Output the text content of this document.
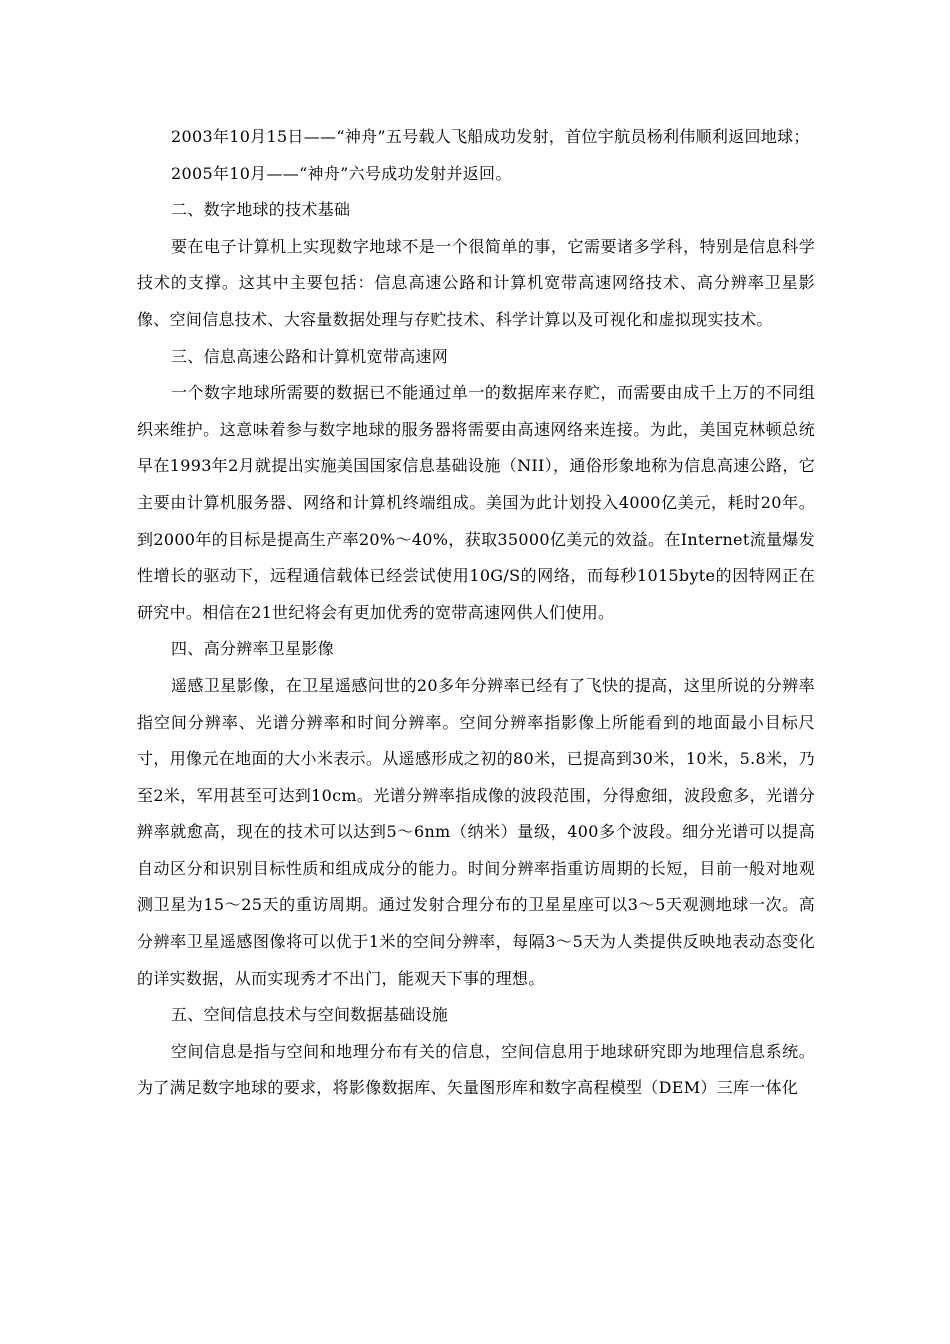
2003年10月15日——“神舟”五号载人飞船成功发射，首位宇航员杨利伟顺利返回地球；

2005年10月——“神舟”六号成功发射并返回。

二、数字地球的技术基础

要在电子计算机上实现数字地球不是一个很简单的事，它需要诸多学科，特别是信息科学技术的支撑。这其中主要包括：信息高速公路和计算机宽带高速网络技术、高分辨率卫星影像、空间信息技术、大容量数据处理与存贮技术、科学计算以及可视化和虚拟现实技术。

三、信息高速公路和计算机宽带高速网

一个数字地球所需要的数据已不能通过单一的数据库来存贮，而需要由成千上万的不同组织来维护。这意味着参与数字地球的服务器将需要由高速网络来连接。为此，美国克林顿总统早在1993年2月就提出实施美国国家信息基础设施（NII），通俗形象地称为信息高速公路，它主要由计算机服务器、网络和计算机终端组成。美国为此计划投入4000亿美元，耗时20年。到2000年的目标是提高生产率20%～40%，获取35000亿美元的效益。在Internet流量爆发性增长的驱动下，远程通信载体已经尝试使用10G/S的网络，而每秒1015byte的因特网正在研究中。相信在21世纪将会有更加优秀的宽带高速网供人们使用。

四、高分辨率卫星影像

遥感卫星影像，在卫星遥感问世的20多年分辨率已经有了飞快的提高，这里所说的分辨率指空间分辨率、光谱分辨率和时间分辨率。空间分辨率指影像上所能看到的地面最小目标尺寸，用像元在地面的大小米表示。从遥感形成之初的80米，已提高到30米，10米，5.8米，乃至2米，军用甚至可达到10cm。光谱分辨率指成像的波段范围，分得愈细，波段愈多，光谱分辨率就愈高，现在的技术可以达到5～6nm（纳米）量级，400多个波段。细分光谱可以提高自动区分和识别目标性质和组成成分的能力。时间分辨率指重访周期的长短，目前一般对地观测卫星为15～25天的重访周期。通过发射合理分布的卫星星座可以3～5天观测地球一次。高分辨率卫星遥感图像将可以优于1米的空间分辨率，每隔3～5天为人类提供反映地表动态变化的详实数据，从而实现秀才不出门，能观天下事的理想。

五、空间信息技术与空间数据基础设施

空间信息是指与空间和地理分布有关的信息，空间信息用于地球研究即为地理信息系统。为了满足数字地球的要求，将影像数据库、矢量图形库和数字高程模型（DEM）三库一体化
